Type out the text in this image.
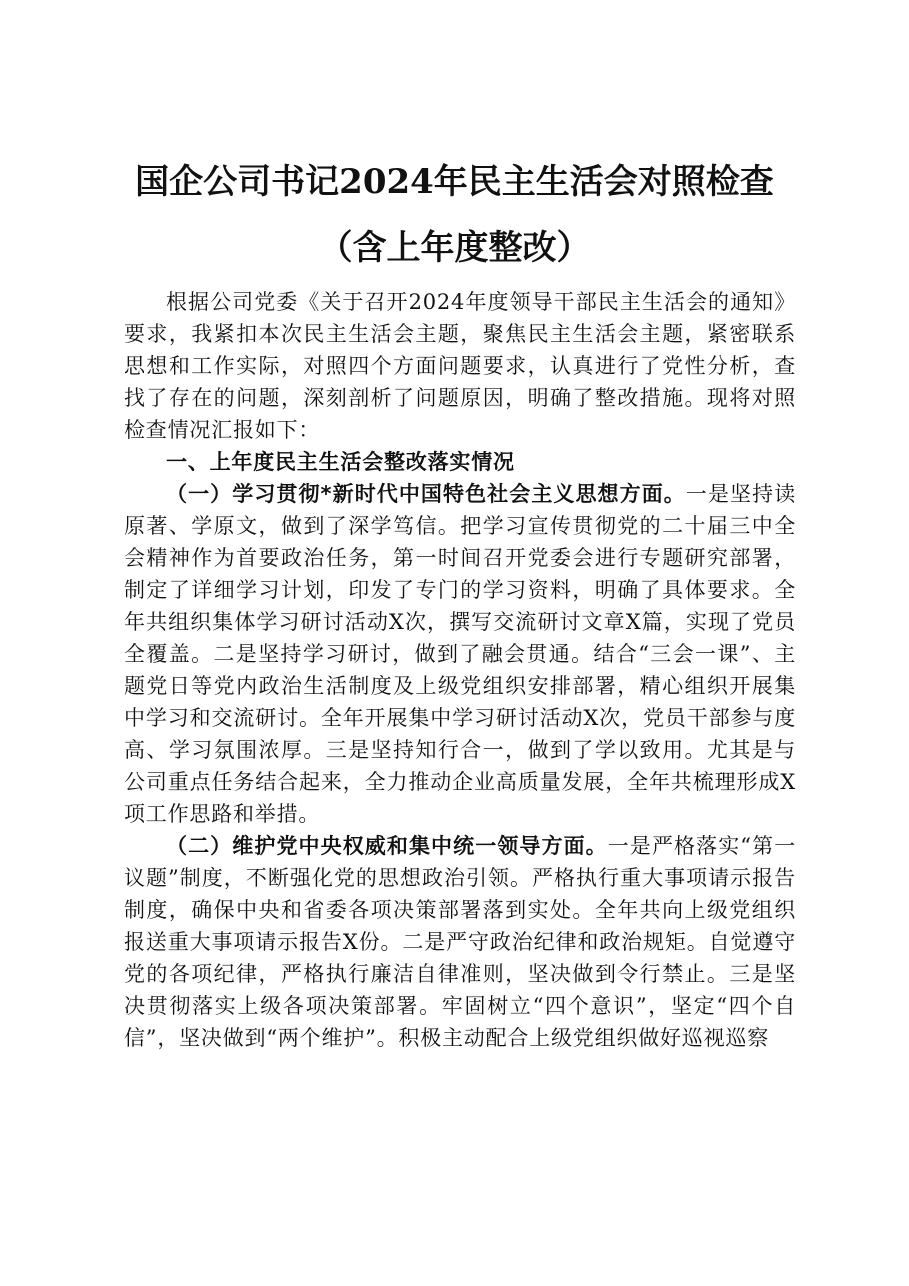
国企公司书记2024年民主生活会对照检查
（含上年度整改）

根据公司党委《关于召开2024年度领导干部民主生活会的通知》要求，我紧扣本次民主生活会主题，聚焦民主生活会主题，紧密联系思想和工作实际，对照四个方面问题要求，认真进行了党性分析，查找了存在的问题，深刻剖析了问题原因，明确了整改措施。现将对照检查情况汇报如下：

一、上年度民主生活会整改落实情况

（一）学习贯彻*新时代中国特色社会主义思想方面。一是坚持读原著、学原文，做到了深学笃信。把学习宣传贯彻党的二十届三中全会精神作为首要政治任务，第一时间召开党委会进行专题研究部署，制定了详细学习计划，印发了专门的学习资料，明确了具体要求。全年共组织集体学习研讨活动X次，撰写交流研讨文章X篇，实现了党员全覆盖。二是坚持学习研讨，做到了融会贯通。结合“三会一课”、主题党日等党内政治生活制度及上级党组织安排部署，精心组织开展集中学习和交流研讨。全年开展集中学习研讨活动X次，党员干部参与度高、学习氛围浓厚。三是坚持知行合一，做到了学以致用。尤其是与公司重点任务结合起来，全力推动企业高质量发展，全年共梳理形成X项工作思路和举措。

（二）维护党中央权威和集中统一领导方面。一是严格落实“第一议题”制度，不断强化党的思想政治引领。严格执行重大事项请示报告制度，确保中央和省委各项决策部署落到实处。全年共向上级党组织报送重大事项请示报告X份。二是严守政治纪律和政治规矩。自觉遵守党的各项纪律，严格执行廉洁自律准则，坚决做到令行禁止。三是坚决贯彻落实上级各项决策部署。牢固树立“四个意识”，坚定“四个自信”，坚决做到“两个维护”。积极主动配合上级党组织做好巡视巡察
